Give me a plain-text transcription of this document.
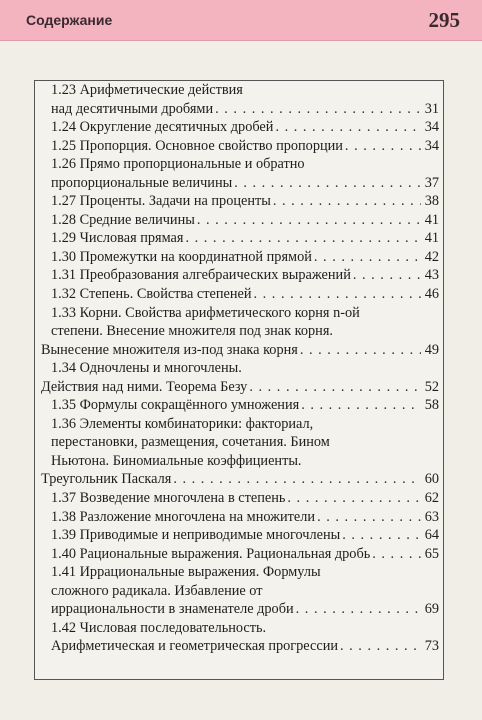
Содержание	295
1.23 Арифметические действия
над десятичными дробями . . .	31
1.24 Округление десятичных дробей . . .	34
1.25 Пропорция. Основное свойство пропорции . . .	34
1.26 Прямо пропорциональные и обратно
пропорциональные величины . . .	37
1.27 Проценты. Задачи на проценты . . .	38
1.28 Средние величины . . .	41
1.29 Числовая прямая . . .	41
1.30 Промежутки на координатной прямой . . .	42
1.31 Преобразования алгебраических выражений . . .	43
1.32 Степень. Свойства степеней . . .	46
1.33 Корни. Свойства арифметического корня n-ой
степени. Внесение множителя под знак корня.
Вынесение множителя из-под знака корня . . .	49
1.34 Одночлены и многочлены.
Действия над ними. Теорема Безу . . .	52
1.35 Формулы сокращённого умножения . . .	58
1.36 Элементы комбинаторики: факториал,
перестановки, размещения, сочетания. Бином
Ньютона. Биномиальные коэффициенты.
Треугольник Паскаля . . .	60
1.37 Возведение многочлена в степень . . .	62
1.38 Разложение многочлена на множители . . .	63
1.39 Приводимые и неприводимые многочлены . . .	64
1.40 Рациональные выражения. Рациональная дробь . . .	65
1.41 Иррациональные выражения. Формулы
сложного радикала. Избавление от
иррациональности в знаменателе дроби . . .	69
1.42 Числовая последовательность.
Арифметическая и геометрическая прогрессии . . .	73
